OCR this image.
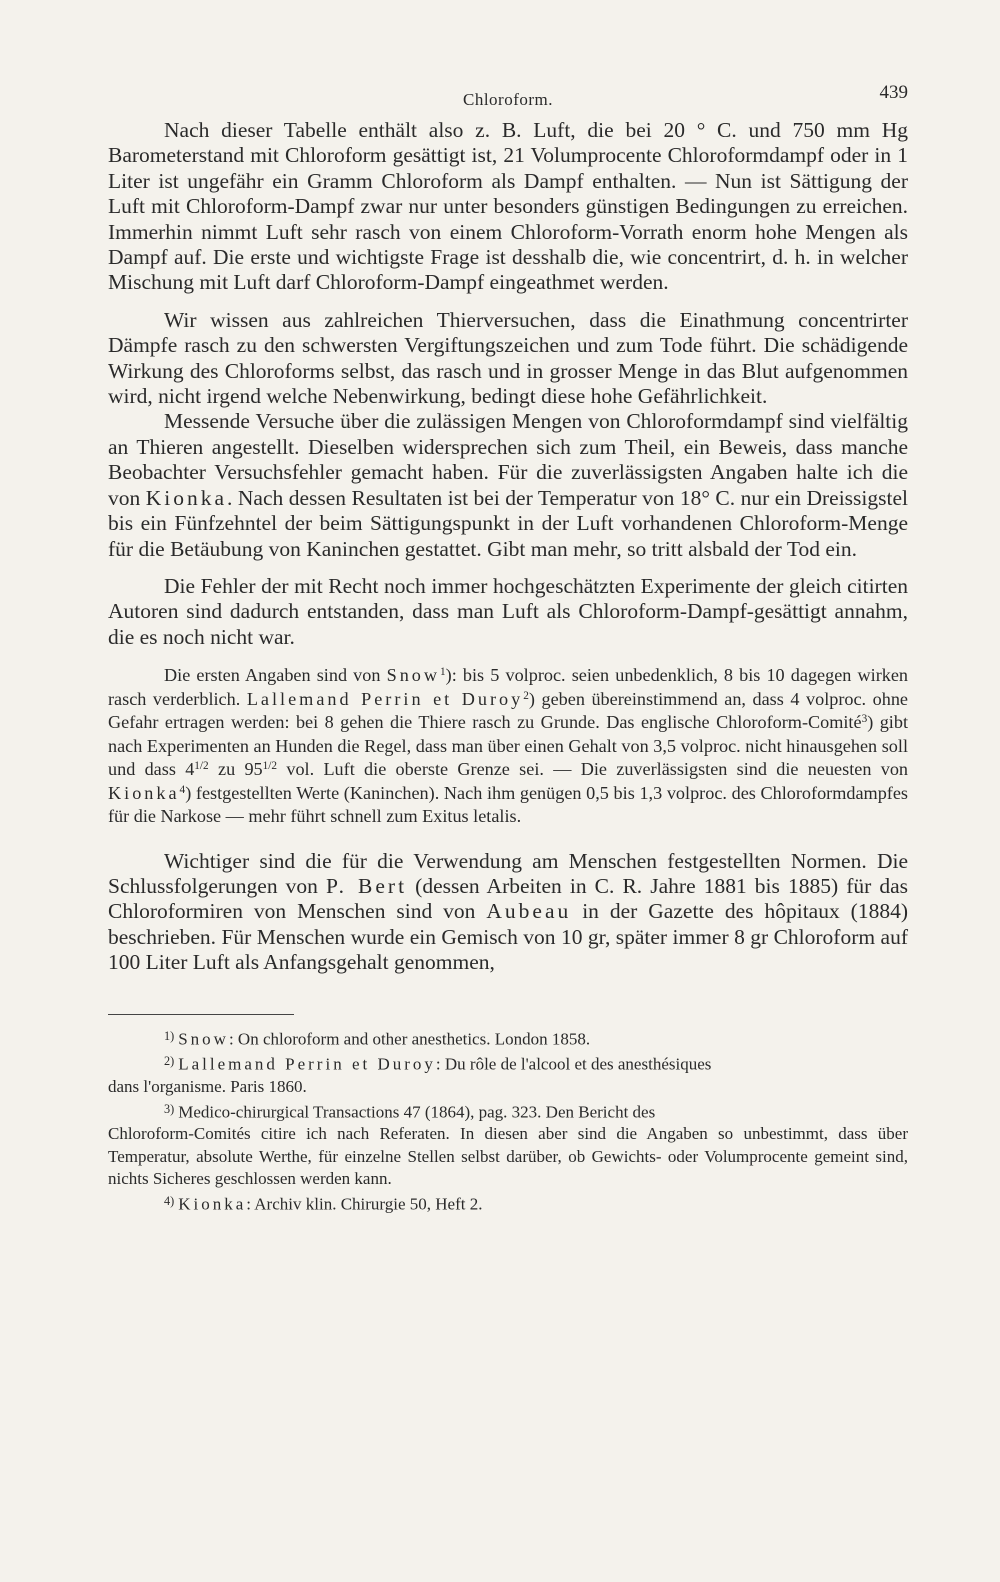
Chloroform.	439

Nach dieser Tabelle enthält also z. B. Luft, die bei 20 ° C. und 750 mm Hg Barometerstand mit Chloroform gesättigt ist, 21 Volumprocente Chloroformdampf oder in 1 Liter ist ungefähr ein Gramm Chloroform als Dampf enthalten. — Nun ist Sättigung der Luft mit Chloroform-Dampf zwar nur unter besonders günstigen Bedingungen zu erreichen. Immerhin nimmt Luft sehr rasch von einem Chloroform-Vorrath enorm hohe Mengen als Dampf auf. Die erste und wichtigste Frage ist desshalb die, wie concentrirt, d. h. in welcher Mischung mit Luft darf Chloroform-Dampf eingeathmet werden.

Wir wissen aus zahlreichen Thierversuchen, dass die Einathmung concentrirter Dämpfe rasch zu den schwersten Vergiftungszeichen und zum Tode führt. Die schädigende Wirkung des Chloroforms selbst, das rasch und in grosser Menge in das Blut aufgenommen wird, nicht irgend welche Nebenwirkung, bedingt diese hohe Gefährlichkeit.

Messende Versuche über die zulässigen Mengen von Chloroformdampf sind vielfältig an Thieren angestellt. Dieselben widersprechen sich zum Theil, ein Beweis, dass manche Beobachter Versuchsfehler gemacht haben. Für die zuverlässigsten Angaben halte ich die von Kionka. Nach dessen Resultaten ist bei der Temperatur von 18° C. nur ein Dreissigstel bis ein Fünfzehntel der beim Sättigungspunkt in der Luft vorhandenen Chloroform-Menge für die Betäubung von Kaninchen gestattet. Gibt man mehr, so tritt alsbald der Tod ein.

Die Fehler der mit Recht noch immer hochgeschätzten Experimente der gleich citirten Autoren sind dadurch entstanden, dass man Luft als Chloroform-Dampf-gesättigt annahm, die es noch nicht war.

Die ersten Angaben sind von Snow$^1$): bis 5 volproc. seien unbedenklich, 8 bis 10 dagegen wirken rasch verderblich. Lallemand Perrin et Duroy$^2$) geben übereinstimmend an, dass 4 volproc. ohne Gefahr ertragen werden: bei 8 gehen die Thiere rasch zu Grunde. Das englische Chloroform-Comité$^3$) gibt nach Experimenten an Hunden die Regel, dass man über einen Gehalt von 3,5 volproc. nicht hinausgehen soll und dass $4^{1/2}$ zu $95^{1/2}$ vol. Luft die oberste Grenze sei. — Die zuverlässigsten sind die neuesten von Kionka$^4$) festgestellten Werte (Kaninchen). Nach ihm genügen 0,5 bis 1,3 volproc. des Chloroformdampfes für die Narkose — mehr führt schnell zum Exitus letalis.

Wichtiger sind die für die Verwendung am Menschen festgestellten Normen. Die Schlussfolgerungen von P. Bert (dessen Arbeiten in C. R. Jahre 1881 bis 1885) für das Chloroformiren von Menschen sind von Aubeau in der Gazette des hôpitaux (1884) beschrieben. Für Menschen wurde ein Gemisch von 10 gr, später immer 8 gr Chloroform auf 100 Liter Luft als Anfangsgehalt genommen,

$^{1)}$ Snow: On chloroform and other anesthetics. London 1858.

$^{2)}$ Lallemand Perrin et Duroy: Du rôle de l'alcool et des anesthésiques

dans l'organisme. Paris 1860.

$^{3)}$ Medico-chirurgical Transactions 47 (1864), pag. 323. Den Bericht des

Chloroform-Comités citire ich nach Referaten. In diesen aber sind die Angaben so unbestimmt, dass über Temperatur, absolute Werthe, für einzelne Stellen selbst darüber, ob Gewichts- oder Volumprocente gemeint sind, nichts Sicheres geschlossen werden kann.

$^{4)}$ Kionka: Archiv klin. Chirurgie 50, Heft 2.
